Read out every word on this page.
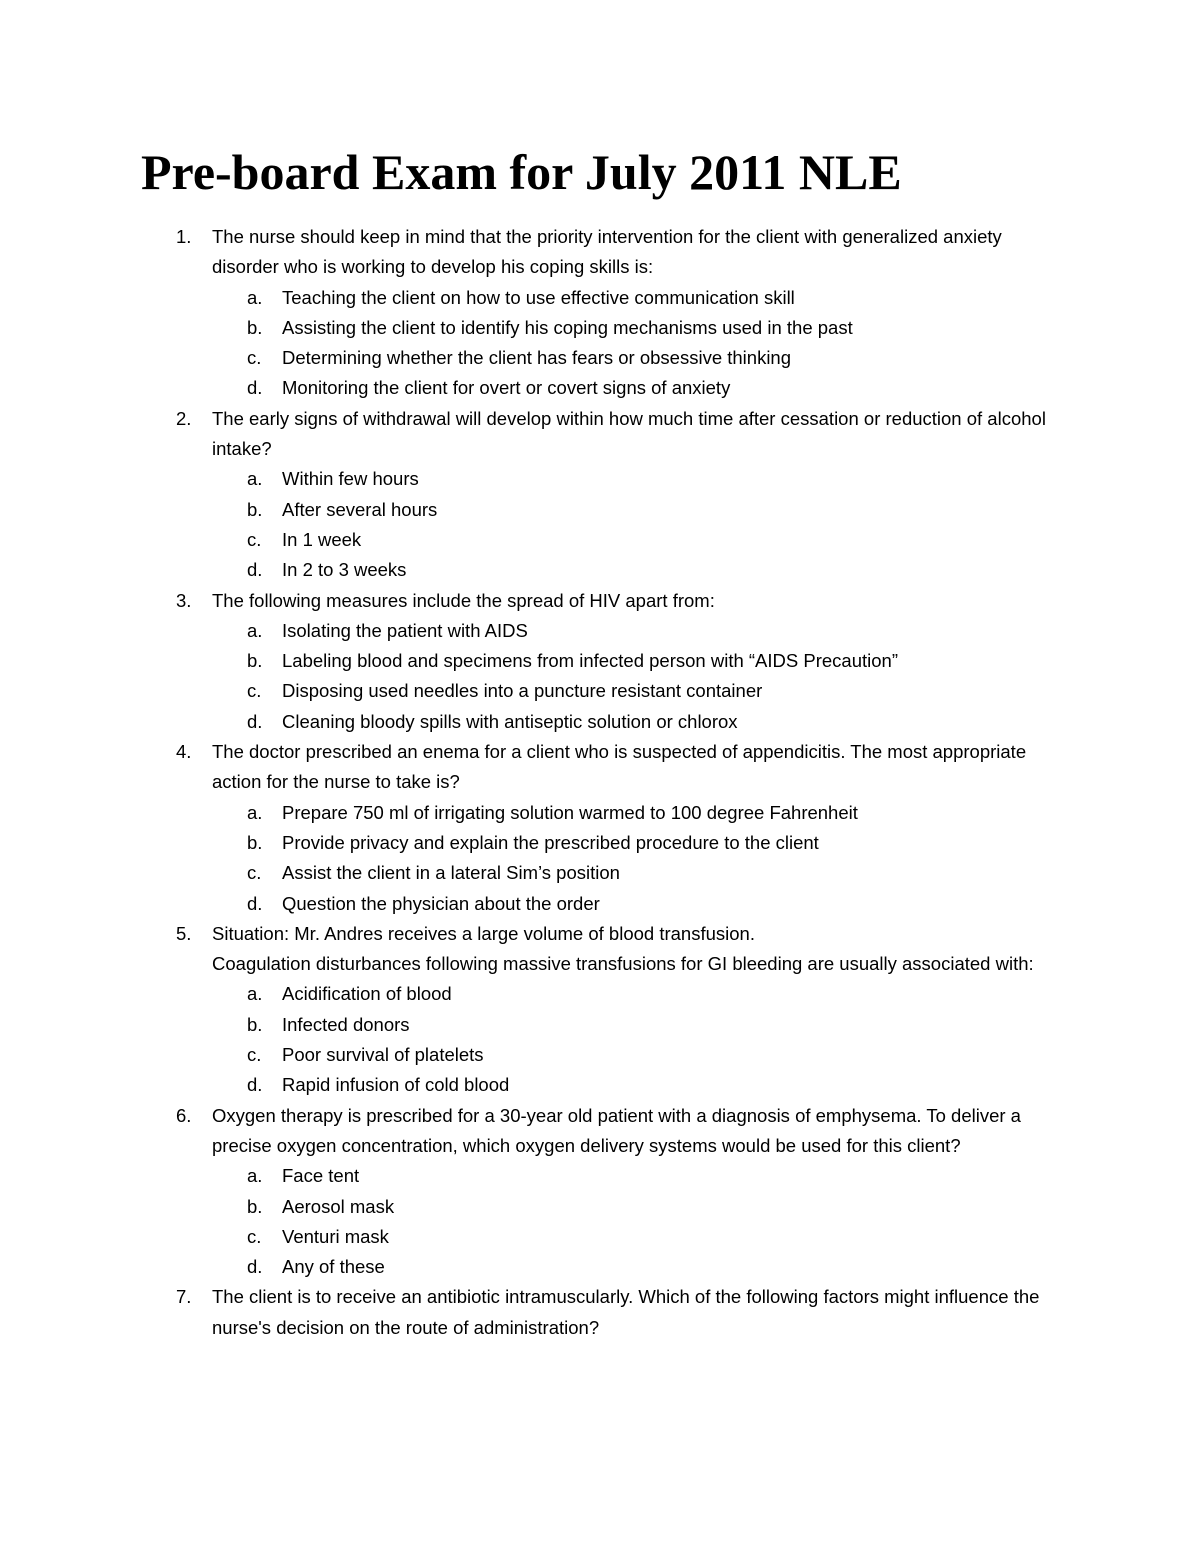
Pre-board Exam for July 2011 NLE
1. The nurse should keep in mind that the priority intervention for the client with generalized anxiety disorder who is working to develop his coping skills is:
a. Teaching the client on how to use effective communication skill
b. Assisting the client to identify his coping mechanisms used in the past
c. Determining whether the client has fears or obsessive thinking
d. Monitoring the client for overt or covert signs of anxiety
2. The early signs of withdrawal will develop within how much time after cessation or reduction of alcohol intake?
a. Within few hours
b. After several hours
c. In 1 week
d. In 2 to 3 weeks
3. The following measures include the spread of HIV apart from:
a. Isolating the patient with AIDS
b. Labeling blood and specimens from infected person with “AIDS Precaution”
c. Disposing used needles into a puncture resistant container
d. Cleaning bloody spills with antiseptic solution or chlorox
4. The doctor prescribed an enema for a client who is suspected of appendicitis. The most appropriate action for the nurse to take is?
a. Prepare 750 ml of irrigating solution warmed to 100 degree Fahrenheit
b. Provide privacy and explain the prescribed procedure to the client
c. Assist the client in a lateral Sim’s position
d. Question the physician about the order
5. Situation: Mr. Andres receives a large volume of blood transfusion.
Coagulation disturbances following massive transfusions for GI bleeding are usually associated with:
a. Acidification of blood
b. Infected donors
c. Poor survival of platelets
d. Rapid infusion of cold blood
6. Oxygen therapy is prescribed for a 30-year old patient with a diagnosis of emphysema. To deliver a precise oxygen concentration, which oxygen delivery systems would be used for this client?
a. Face tent
b. Aerosol mask
c. Venturi mask
d. Any of these
7. The client is to receive an antibiotic intramuscularly. Which of the following factors might influence the nurse's decision on the route of administration?
